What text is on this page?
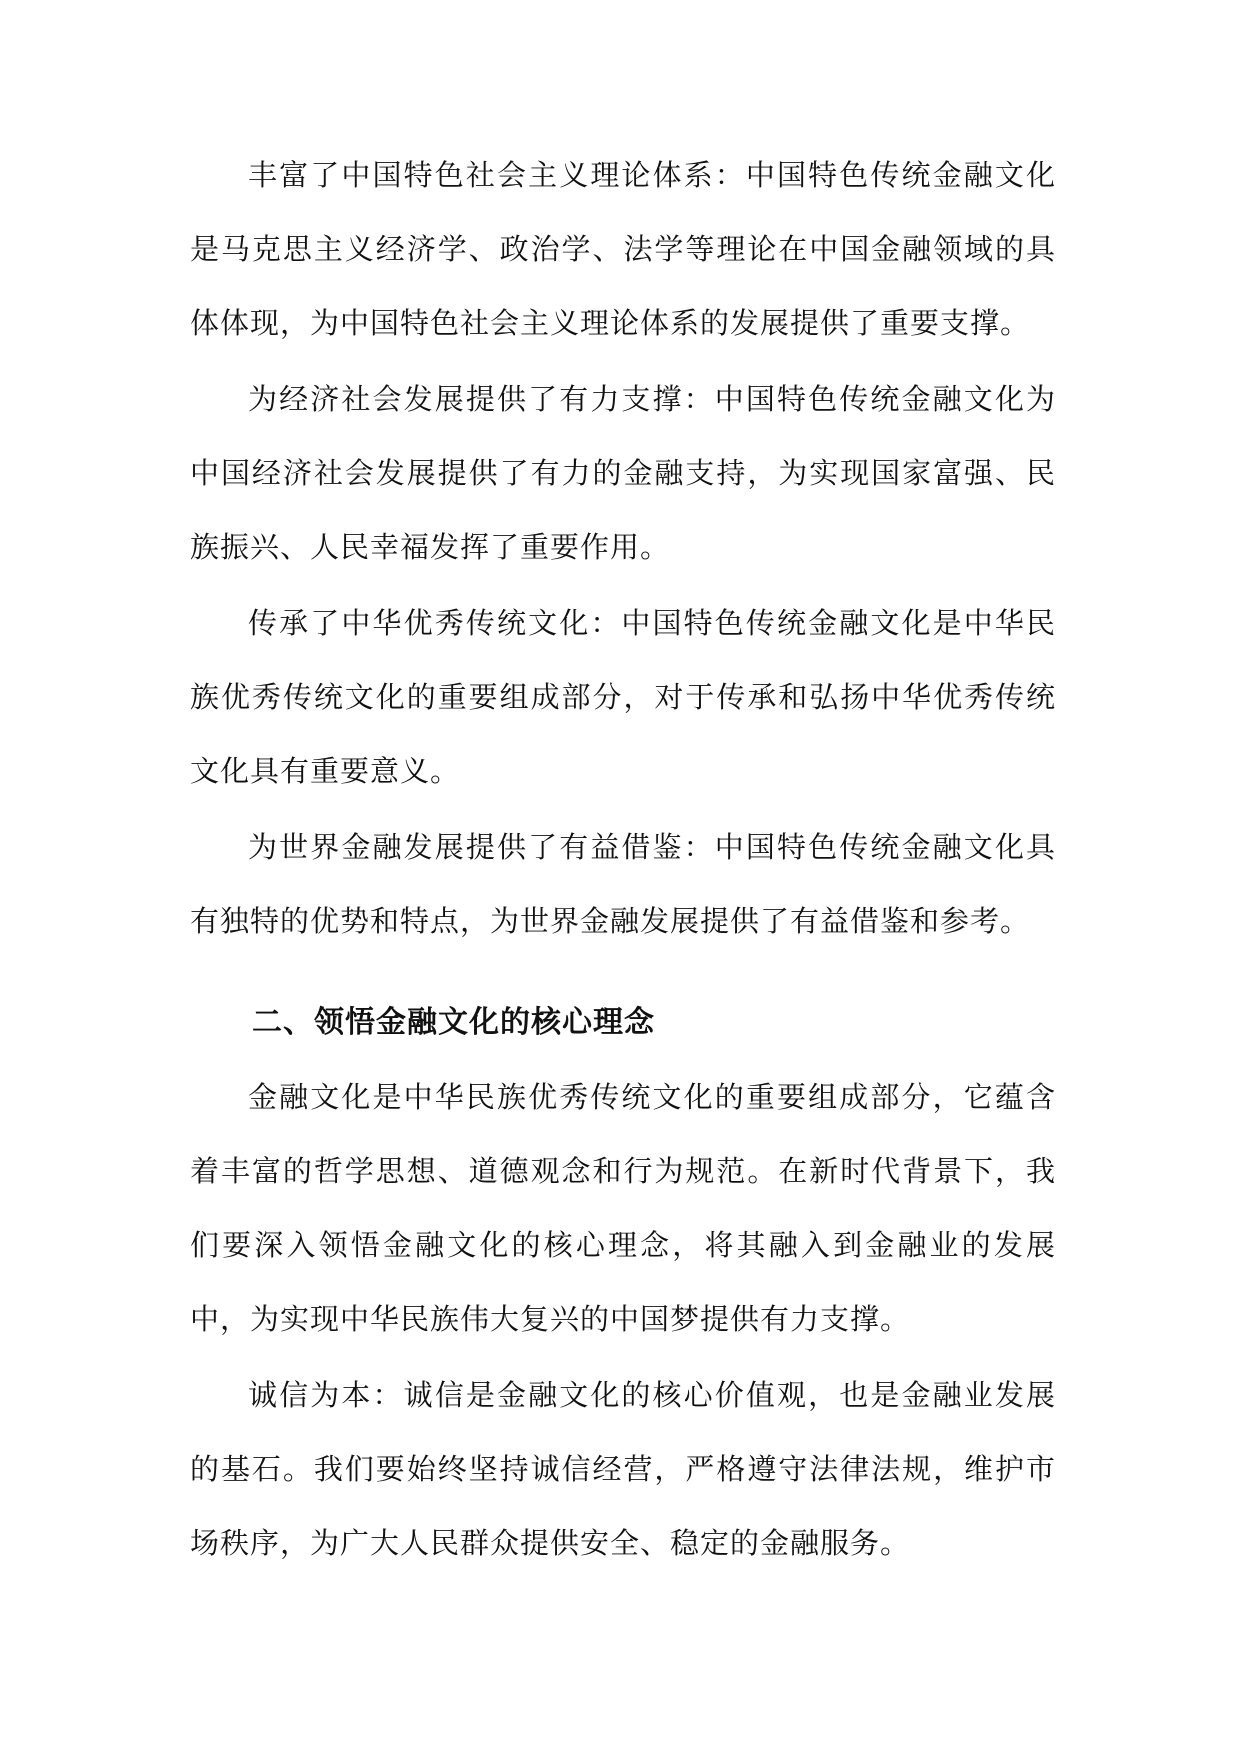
丰富了中国特色社会主义理论体系：中国特色传统金融文化是马克思主义经济学、政治学、法学等理论在中国金融领域的具体体现，为中国特色社会主义理论体系的发展提供了重要支撑。

为经济社会发展提供了有力支撑：中国特色传统金融文化为中国经济社会发展提供了有力的金融支持，为实现国家富强、民族振兴、人民幸福发挥了重要作用。

传承了中华优秀传统文化：中国特色传统金融文化是中华民族优秀传统文化的重要组成部分，对于传承和弘扬中华优秀传统文化具有重要意义。

为世界金融发展提供了有益借鉴：中国特色传统金融文化具有独特的优势和特点，为世界金融发展提供了有益借鉴和参考。

二、领悟金融文化的核心理念

金融文化是中华民族优秀传统文化的重要组成部分，它蕴含着丰富的哲学思想、道德观念和行为规范。在新时代背景下，我们要深入领悟金融文化的核心理念，将其融入到金融业的发展中，为实现中华民族伟大复兴的中国梦提供有力支撑。

诚信为本：诚信是金融文化的核心价值观，也是金融业发展的基石。我们要始终坚持诚信经营，严格遵守法律法规，维护市场秩序，为广大人民群众提供安全、稳定的金融服务。
